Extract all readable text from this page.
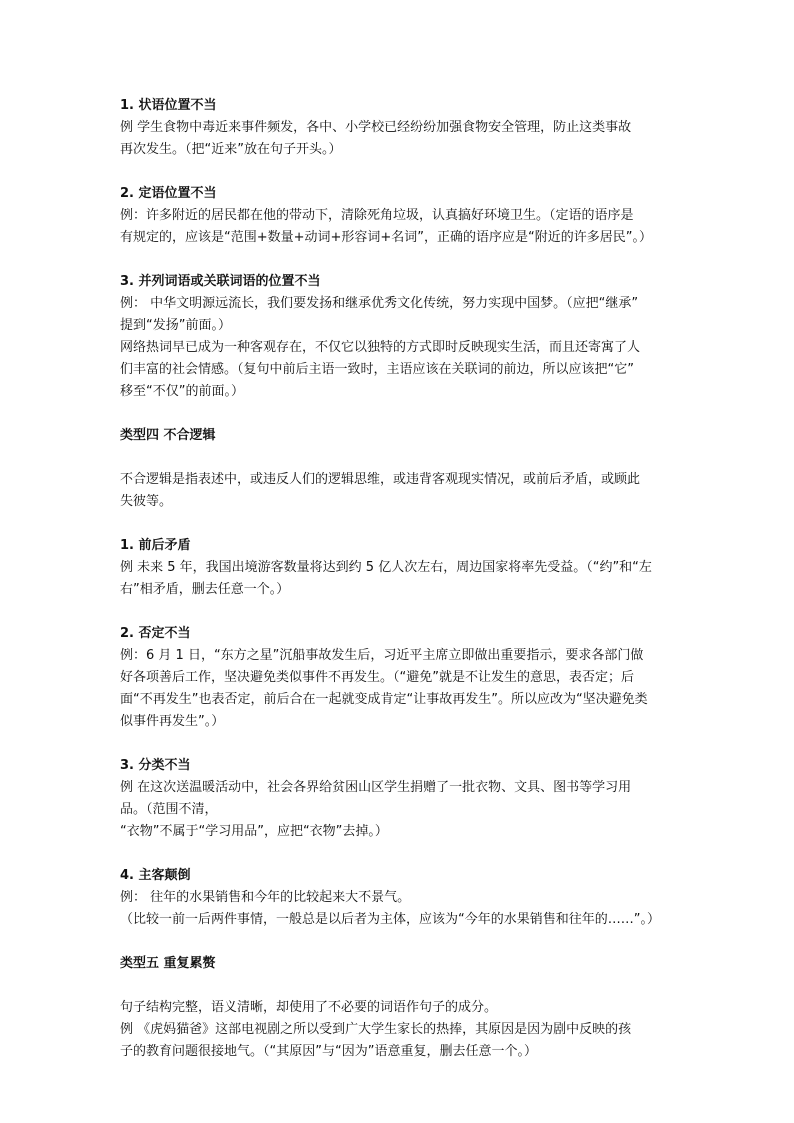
1. 状语位置不当
例 学生食物中毒近来事件频发，各中、小学校已经纷纷加强食物安全管理，防止这类事故
再次发生。（把“近来”放在句子开头。）
2. 定语位置不当
例：许多附近的居民都在他的带动下，清除死角垃圾，认真搞好环境卫生。（定语的语序是
有规定的，应该是“范围+数量+动词+形容词+名词”，正确的语序应是“附近的许多居民”。）
3. 并列词语或关联词语的位置不当
例： 中华文明源远流长，我们要发扬和继承优秀文化传统，努力实现中国梦。（应把“继承”
提到“发扬”前面。）
网络热词早已成为一种客观存在，不仅它以独特的方式即时反映现实生活，而且还寄寓了人
们丰富的社会情感。（复句中前后主语一致时，主语应该在关联词的前边，所以应该把“它”
移至“不仅”的前面。）
类型四 不合逻辑
不合逻辑是指表述中，或违反人们的逻辑思维，或违背客观现实情况，或前后矛盾，或顾此
失彼等。
1. 前后矛盾
例 未来 5 年，我国出境游客数量将达到约 5 亿人次左右，周边国家将率先受益。（“约”和“左
右”相矛盾，删去任意一个。）
2. 否定不当
例：6 月 1 日，“东方之星”沉船事故发生后，习近平主席立即做出重要指示，要求各部门做
好各项善后工作，坚决避免类似事件不再发生。（“避免”就是不让发生的意思，表否定；后
面“不再发生”也表否定，前后合在一起就变成肯定“让事故再发生”。所以应改为“坚决避免类
似事件再发生”。）
3. 分类不当
例 在这次送温暖活动中，社会各界给贫困山区学生捐赠了一批衣物、文具、图书等学习用
品。（范围不清，
“衣物”不属于“学习用品”，应把“衣物”去掉。）
4. 主客颠倒
例： 往年的水果销售和今年的比较起来大不景气。
（比较一前一后两件事情，一般总是以后者为主体，应该为“今年的水果销售和往年的……”。）
类型五 重复累赘
句子结构完整，语义清晰，却使用了不必要的词语作句子的成分。
例 《虎妈猫爸》这部电视剧之所以受到广大学生家长的热捧，其原因是因为剧中反映的孩
子的教育问题很接地气。（“其原因”与“因为”语意重复，删去任意一个。）
